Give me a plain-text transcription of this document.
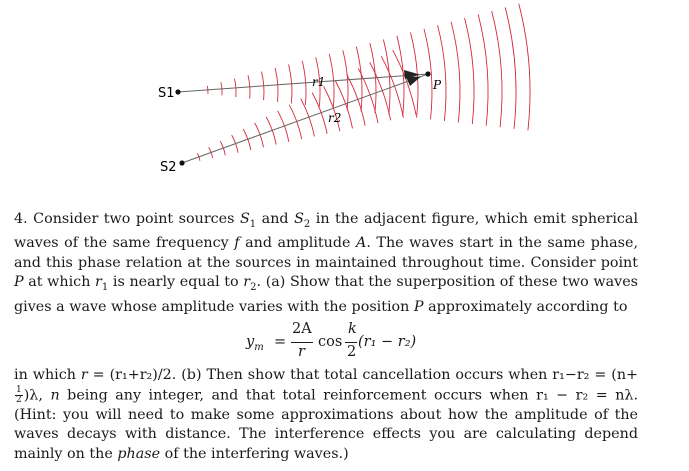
S1
S2
r1
r2
P

4. Consider two point sources $S_1$ and $S_2$ in the adjacent figure, which emit spherical waves of the same frequency f and amplitude A. The waves start in the same phase, and this phase relation at the sources in maintained throughout time. Consider point P at which $r_1$ is nearly equal to $r_2$. (a) Show that the superposition of these two waves gives a wave whose amplitude varies with the position P approximately according to

$y_m$ =
2A
r
cos
k
2
(r₁ − r₂)

in which r = (r₁+r₂)/2. (b) Then show that total cancellation occurs when r₁−r₂ = (n+
$\frac{1}{2} )\lambda$, n being any integer, and that total reinforcement occurs when r₁ − r₂ = nλ. (Hint: you will need to make some approximations about how the amplitude of the waves decays with distance. The interference effects you are calculating depend mainly on the phase of the interfering waves.)
